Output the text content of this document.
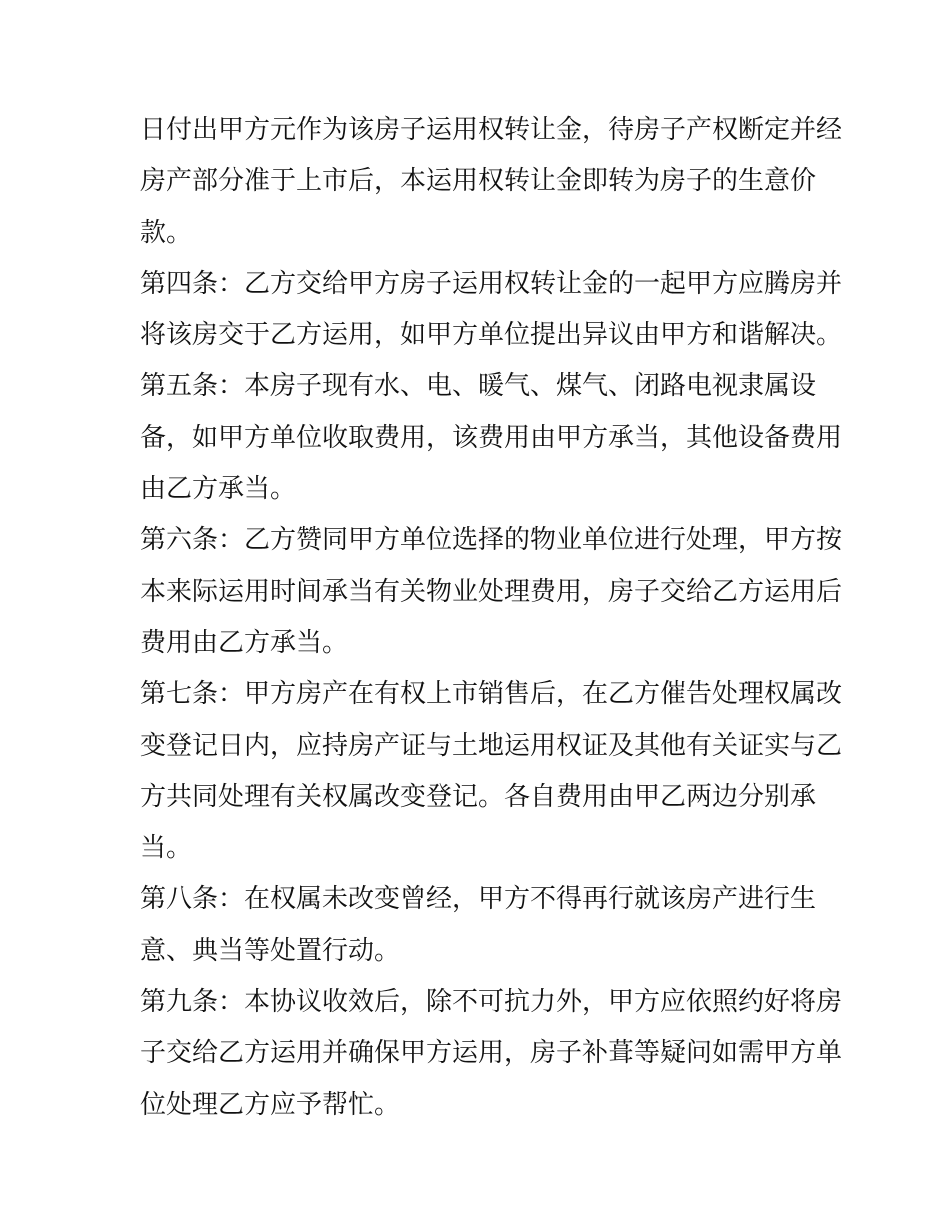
日付出甲方元作为该房子运用权转让金，待房子产权断定并经
房产部分准于上市后，本运用权转让金即转为房子的生意价
款。
第四条：乙方交给甲方房子运用权转让金的一起甲方应腾房并
将该房交于乙方运用，如甲方单位提出异议由甲方和谐解决。
第五条：本房子现有水、电、暖气、煤气、闭路电视隶属设
备，如甲方单位收取费用，该费用由甲方承当，其他设备费用
由乙方承当。
第六条：乙方赞同甲方单位选择的物业单位进行处理，甲方按
本来际运用时间承当有关物业处理费用，房子交给乙方运用后
费用由乙方承当。
第七条：甲方房产在有权上市销售后，在乙方催告处理权属改
变登记日内，应持房产证与土地运用权证及其他有关证实与乙
方共同处理有关权属改变登记。各自费用由甲乙两边分别承
当。
第八条：在权属未改变曾经，甲方不得再行就该房产进行生
意、典当等处置行动。
第九条：本协议收效后，除不可抗力外，甲方应依照约好将房
子交给乙方运用并确保甲方运用，房子补葺等疑问如需甲方单
位处理乙方应予帮忙。
